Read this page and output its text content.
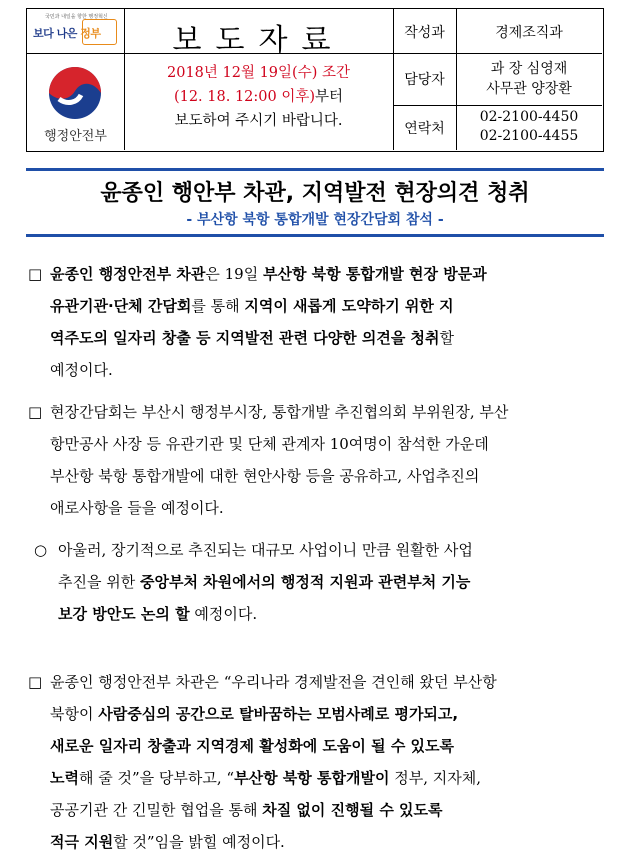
국민과 내일을 향한 행정혁신
보다 나은 정부
행정안전부
보도자료
2018년 12월 19일(수) 조간
(12. 18. 12:00 이후)부터
보도하여 주시기 바랍니다.
작성과
담당자
연락처
경제조직과
과 장 심영재
사무관 양장환
02-2100-4450
02-2100-4455
윤종인 행안부 차관, 지역발전 현장의견 청취
- 부산항 북항 통합개발 현장간담회 참석 -
□ 윤종인 행정안전부 차관은 19일 부산항 북항 통합개발 현장 방문과
유관기관·단체 간담회를 통해 지역이 새롭게 도약하기 위한 지
역주도의 일자리 창출 등 지역발전 관련 다양한 의견을 청취할
예정이다.
□ 현장간담회는 부산시 행정부시장, 통합개발 추진협의회 부위원장, 부산
항만공사 사장 등 유관기관 및 단체 관계자 10여명이 참석한 가운데
부산항 북항 통합개발에 대한 현안사항 등을 공유하고, 사업추진의
애로사항을 들을 예정이다.
○ 아울러, 장기적으로 추진되는 대규모 사업이니 만큼 원활한 사업
추진을 위한 중앙부처 차원에서의 행정적 지원과 관련부처 기능
보강 방안도 논의 할 예정이다.
□ 윤종인 행정안전부 차관은 “우리나라 경제발전을 견인해 왔던 부산항
북항이 사람중심의 공간으로 탈바꿈하는 모범사례로 평가되고,
새로운 일자리 창출과 지역경제 활성화에 도움이 될 수 있도록
노력해 줄 것”을 당부하고, “부산항 북항 통합개발이 정부, 지자체,
공공기관 간 긴밀한 협업을 통해 차질 없이 진행될 수 있도록
적극 지원할 것”임을 밝힐 예정이다.
